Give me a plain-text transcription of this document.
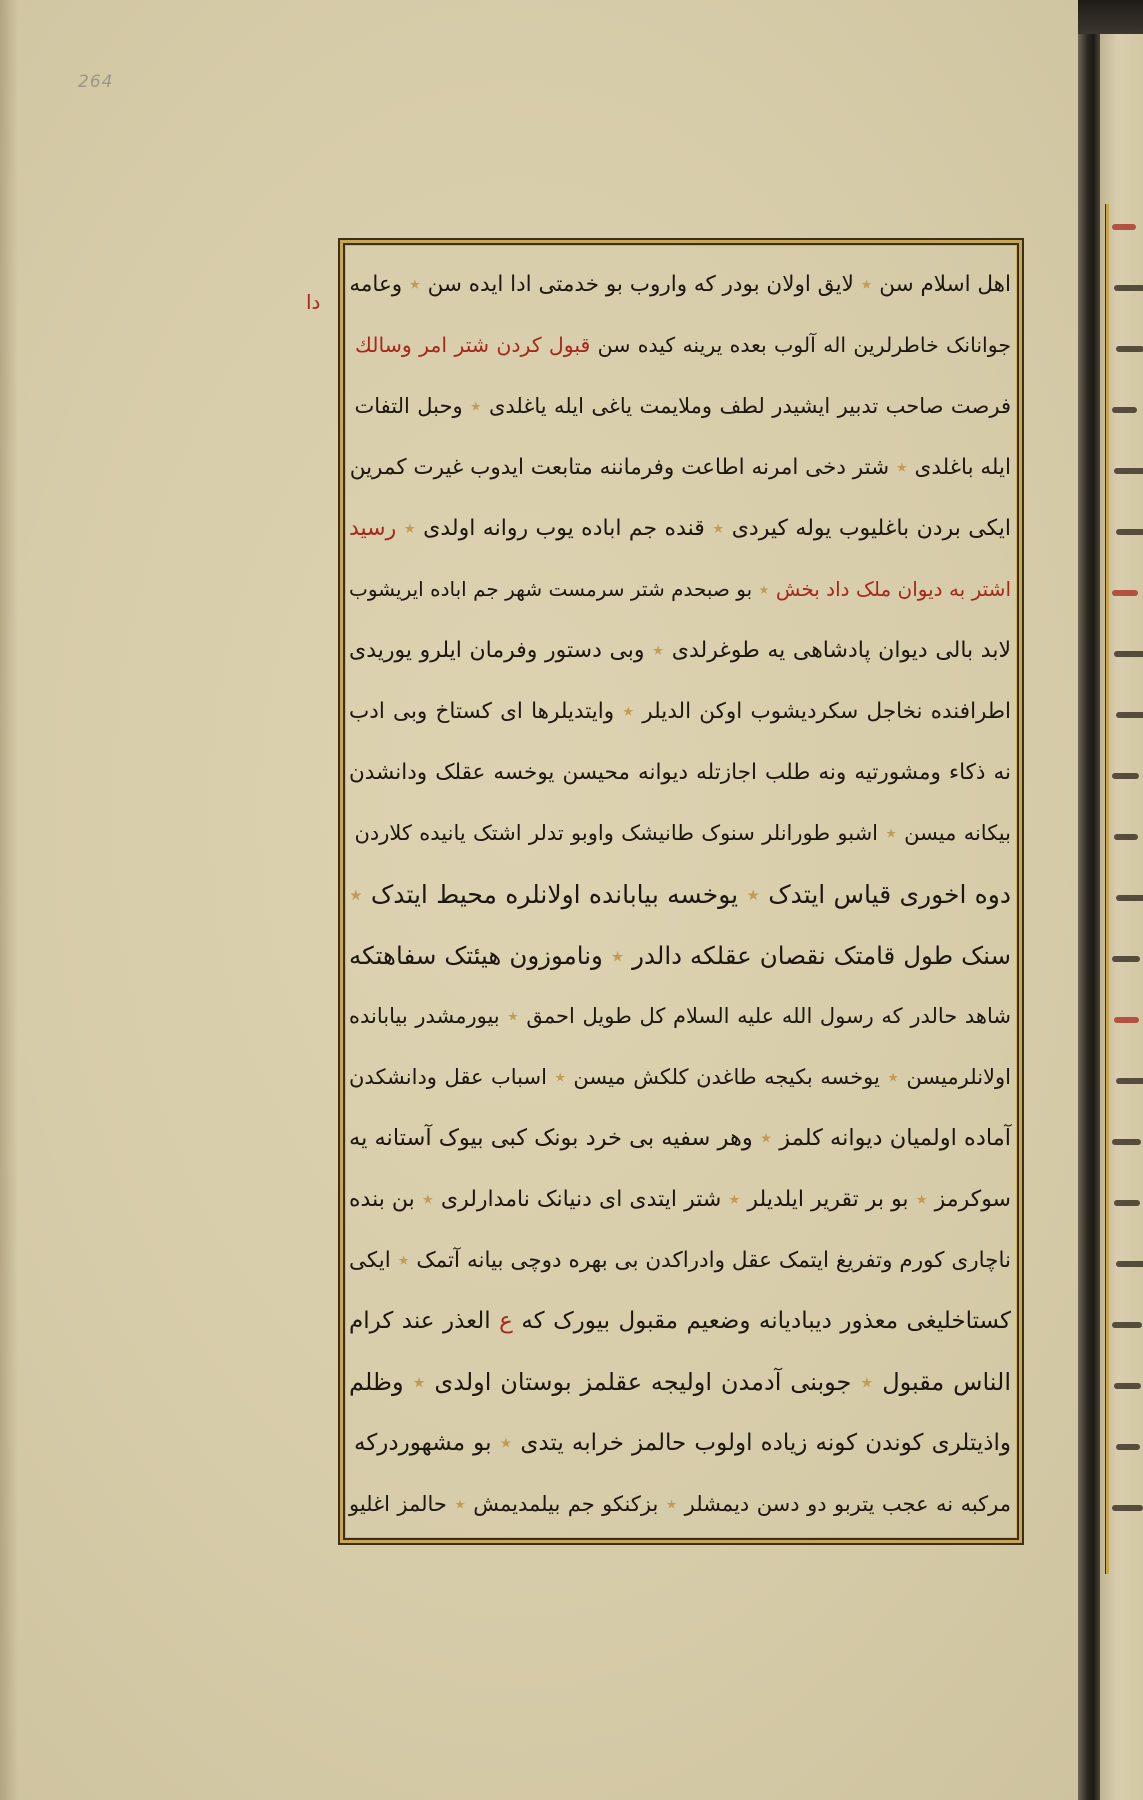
264
دا
اهل اسلام سن ٭ لایق اولان بودر که واروب بو خدمتی ادا ایده سن ٭ وعامه
جوانانک خاطرلرین اله آلوب بعده یرینه کیده سن قبول کردن شتر امر وسالك
فرصت صاحب تدبیر ایشیدر لطف وملایمت یاغی ایله یاغلدی ٭ وحبل التفات
ایله باغلدی ٭ شتر دخی امرنه اطاعت وفرماننه متابعت ایدوب غیرت کمرین
ایکی بردن باغلیوب یوله کیردی ٭ قنده جم اباده یوب روانه اولدی ٭ رسید
اشتر به دیوان ملک داد بخش ٭ بو صبحدم شتر سرمست شهر جم اباده ایریشوب
لابد بالی دیوان پادشاهی یه طوغرلدی ٭ وبی دستور وفرمان ایلرو یوریدی
اطرافنده نخاجل سکردیشوب اوکن الدیلر ٭ وایتدیلرها ای کستاخ وبی ادب
نه ذکاء ومشورتیه ونه طلب اجازتله دیوانه محیسن یوخسه عقلک ودانشدن
بیکانه میسن ٭ اشبو طورانلر سنوک طانیشک واوبو تدلر اشتک یانیده کلاردن
دوه اخوری قیاس ایتدک ٭ یوخسه بیابانده اولانلره محیط ایتدک ٭
سنک طول قامتک نقصان عقلکه دالدر ٭ وناموزون هیئتک سفاهتکه
شاهد حالدر که رسول الله علیه السلام کل طویل احمق ٭ بیورمشدر بیابانده
اولانلرمیسن ٭ یوخسه بکیجه طاغدن کلکش میسن ٭ اسباب عقل ودانشکدن
آماده اولمیان دیوانه کلمز ٭ وهر سفیه بی خرد بونک کبی بیوک آستانه یه
سوکرمز ٭ بو بر تقریر ایلدیلر ٭ شتر ایتدی ای دنیانک نامدارلری ٭ بن بنده
ناچاری کورم وتفریغ ایتمک عقل وادراکدن بی بهره دوچی بیانه آتمک ٭ ایکی
کستاخلیغی معذور دیبادیانه وضعیم مقبول بیورک که ع العذر عند کرام
الناس مقبول ٭ جوبنی آدمدن اولیجه عقلمز بوستان اولدی ٭ وظلم
واذیتلری کوندن کونه زیاده اولوب حالمز خرابه یتدی ٭ بو مشهوردرکه
مرکبه نه عجب یتربو دو دسن دیمشلر ٭ بزکنکو جم بیلمدیمش ٭ حالمز اغلیو
